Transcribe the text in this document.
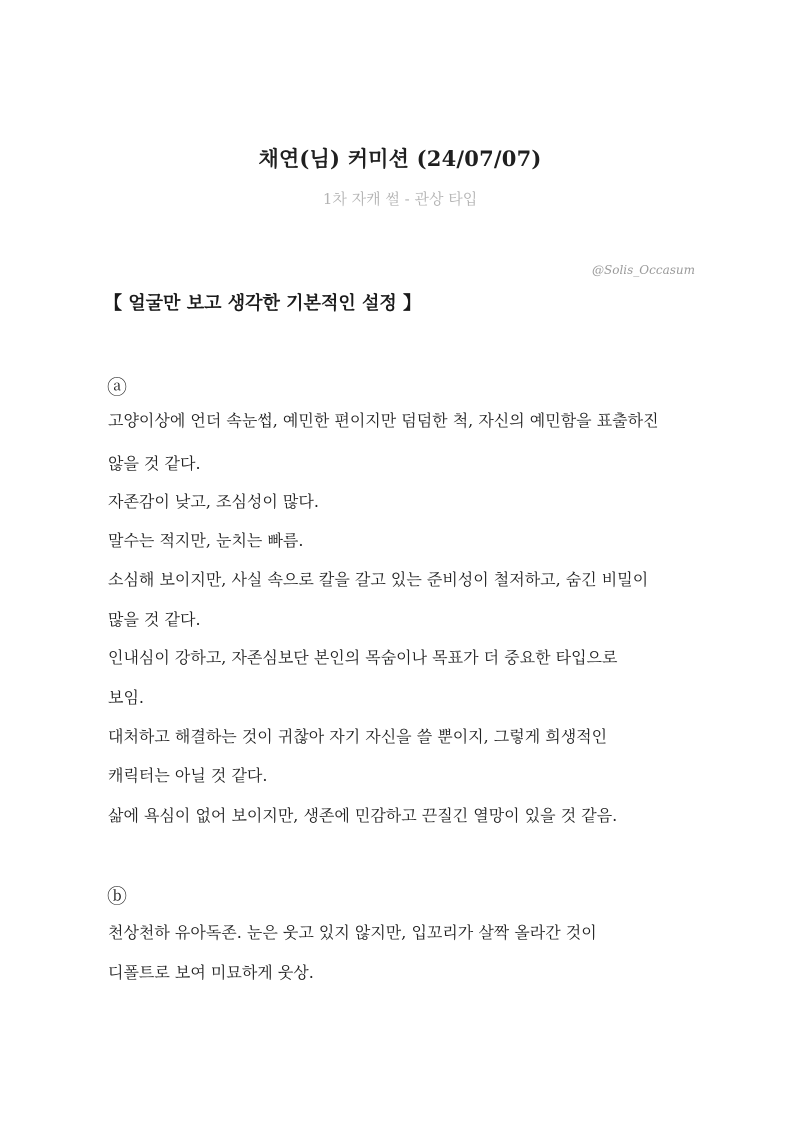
채연(님) 커미션 (24/07/07)
1차 자캐 썰 - 관상 타입
@Solis_Occasum
【 얼굴만 보고 생각한 기본적인 설정 】
ⓐ
고양이상에 언더 속눈썹, 예민한 편이지만 덤덤한 척, 자신의 예민함을 표출하진
않을 것 같다.
자존감이 낮고, 조심성이 많다.
말수는 적지만, 눈치는 빠름.
소심해 보이지만, 사실 속으로 칼을 갈고 있는 준비성이 철저하고, 숨긴 비밀이
많을 것 같다.
인내심이 강하고, 자존심보단 본인의 목숨이나 목표가 더 중요한 타입으로
보임.
대처하고 해결하는 것이 귀찮아 자기 자신을 쓸 뿐이지, 그렇게 희생적인
캐릭터는 아닐 것 같다.
삶에 욕심이 없어 보이지만, 생존에 민감하고 끈질긴 열망이 있을 것 같음.
ⓑ
천상천하 유아독존. 눈은 웃고 있지 않지만, 입꼬리가 살짝 올라간 것이
디폴트로 보여 미묘하게 웃상.
